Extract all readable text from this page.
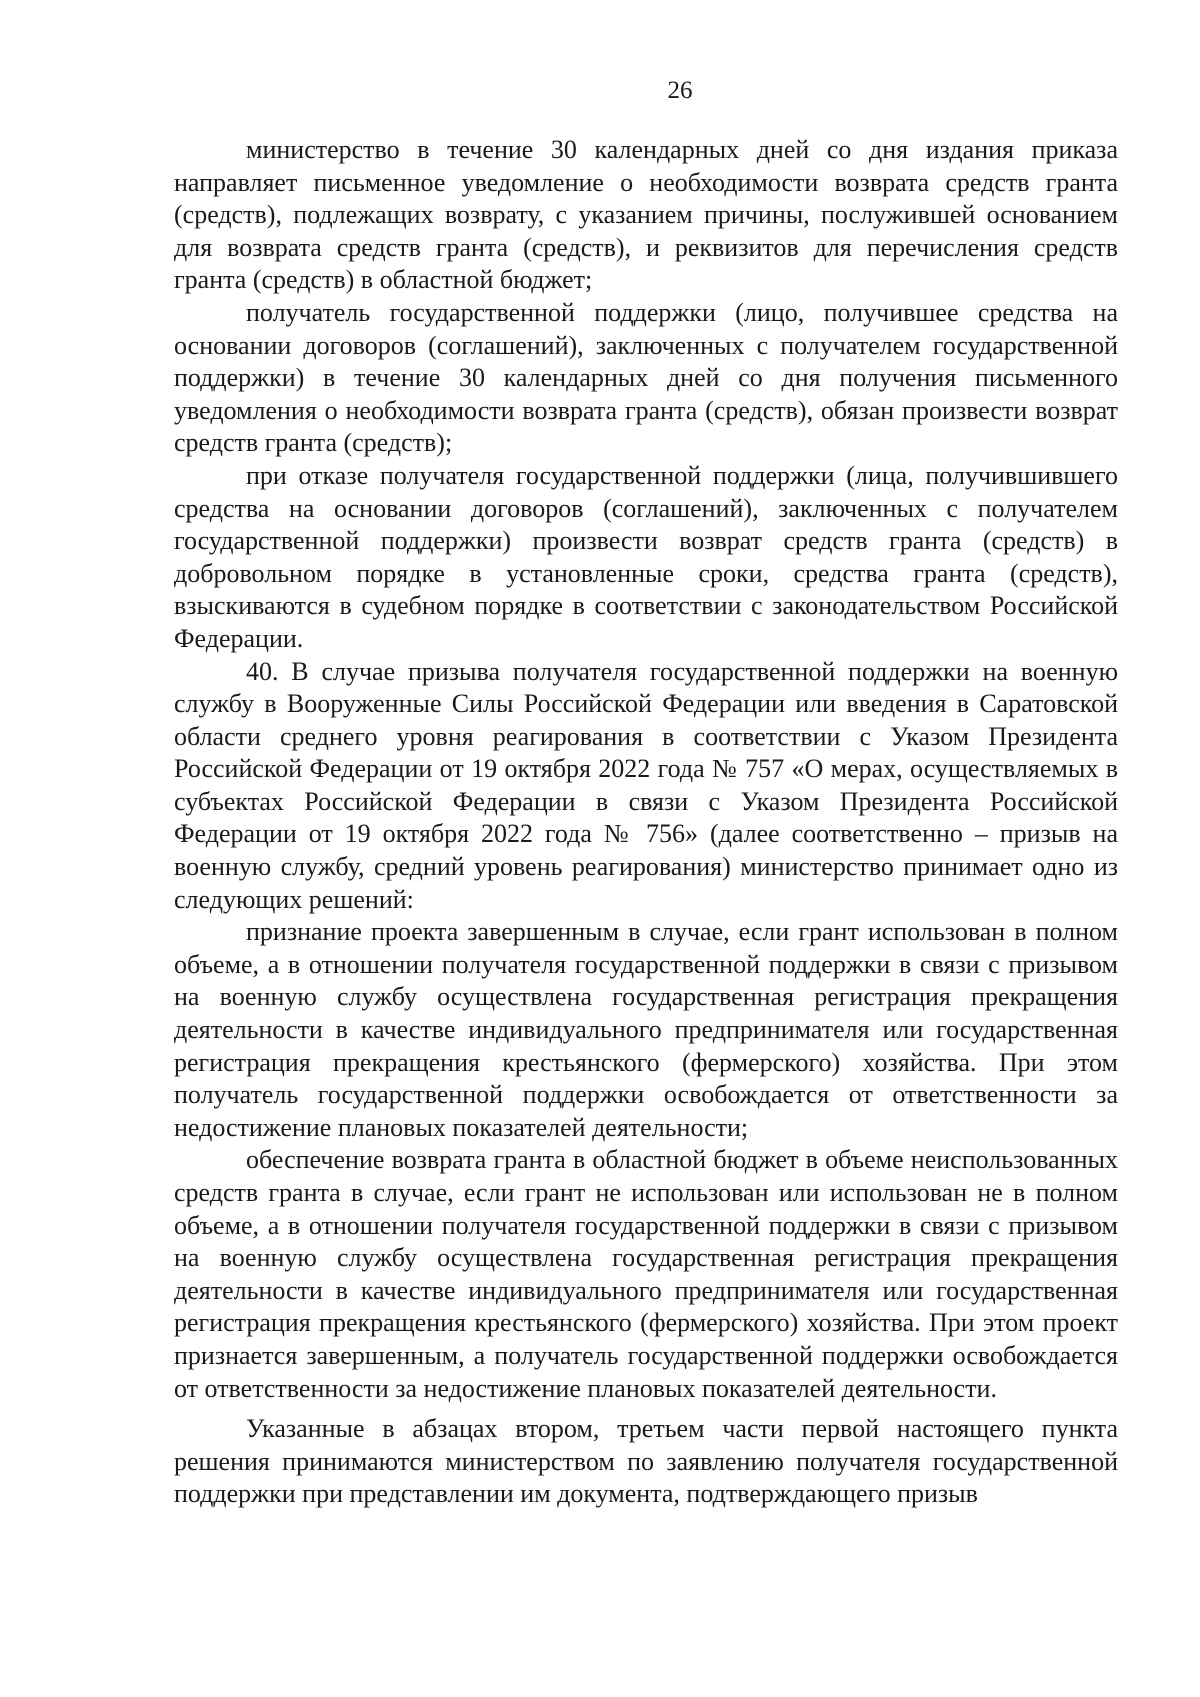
26

министерство в течение 30 календарных дней со дня издания приказа направляет письменное уведомление о необходимости возврата средств гранта (средств), подлежащих возврату, с указанием причины, послужившей основанием для возврата средств гранта (средств), и реквизитов для перечисления средств гранта (средств) в областной бюджет;

получатель государственной поддержки (лицо, получившее средства на основании договоров (соглашений), заключенных с получателем государственной поддержки) в течение 30 календарных дней со дня получения письменного уведомления о необходимости возврата гранта (средств), обязан произвести возврат средств гранта (средств);

при отказе получателя государственной поддержки (лица, получившившего средства на основании договоров (соглашений), заключенных с получателем государственной поддержки) произвести возврат средств гранта (средств) в добровольном порядке в установленные сроки, средства гранта (средств), взыскиваются в судебном порядке в соответствии с законодательством Российской Федерации.

40. В случае призыва получателя государственной поддержки на военную службу в Вооруженные Силы Российской Федерации или введения в Саратовской области среднего уровня реагирования в соответствии с Указом Президента Российской Федерации от 19 октября 2022 года № 757 «О мерах, осуществляемых в субъектах Российской Федерации в связи с Указом Президента Российской Федерации от 19 октября 2022 года № 756» (далее соответственно – призыв на военную службу, средний уровень реагирования) министерство принимает одно из следующих решений:

признание проекта завершенным в случае, если грант использован в полном объеме, а в отношении получателя государственной поддержки в связи с призывом на военную службу осуществлена государственная регистрация прекращения деятельности в качестве индивидуального предпринимателя или государственная регистрация прекращения крестьянского (фермерского) хозяйства. При этом получатель государственной поддержки освобождается от ответственности за недостижение плановых показателей деятельности;

обеспечение возврата гранта в областной бюджет в объеме неиспользованных средств гранта в случае, если грант не использован или использован не в полном объеме, а в отношении получателя государственной поддержки в связи с призывом на военную службу осуществлена государственная регистрация прекращения деятельности в качестве индивидуального предпринимателя или государственная регистрация прекращения крестьянского (фермерского) хозяйства. При этом проект признается завершенным, а получатель государственной поддержки освобождается от ответственности за недостижение плановых показателей деятельности.

Указанные в абзацах втором, третьем части первой настоящего пункта решения принимаются министерством по заявлению получателя государственной поддержки при представлении им документа, подтверждающего призыв
